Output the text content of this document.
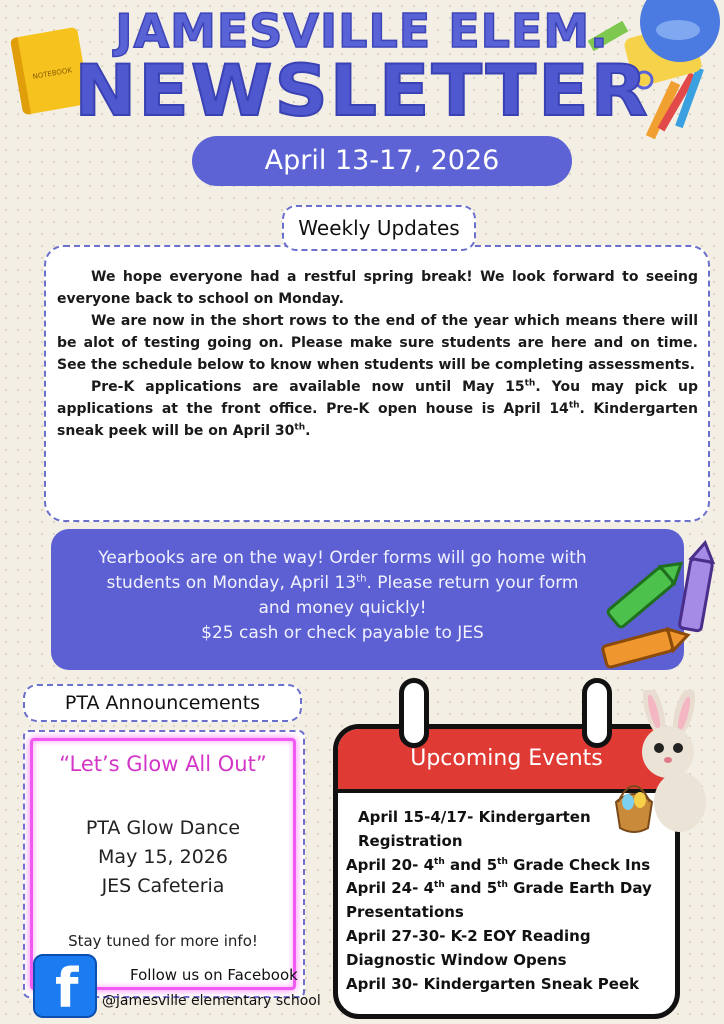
NOTEBOOK
JAMESVILLE ELEM.
NEWSLETTER
April 13-17, 2026

We hope everyone had a restful spring break! We look forward to seeing everyone back to school on Monday.

We are now in the short rows to the end of the year which means there will be alot of testing going on. Please make sure students are here and on time. See the schedule below to know when students will be completing assessments.

Pre-K applications are available now until May 15th. You may pick up applications at the front office. Pre-K open house is April 14th. Kindergarten sneak peek will be on April 30th.

Weekly Updates
Yearbooks are on the way! Order forms will go home with
students on Monday, April 13th. Please return your form
and money quickly!
$25 cash or check payable to JES
PTA Announcements
“Let’s Glow All Out”
PTA Glow Dance
May 15, 2026
JES Cafeteria
Stay tuned for more info!
f	Follow us on Facebook
@jamesville elementary school
Upcoming Events
April 15-4/17- Kindergarten Registration
April 20- 4th and 5th Grade Check Ins
April 24- 4th and 5th Grade Earth Day Presentations
April 27-30- K-2 EOY Reading Diagnostic Window Opens
April 30- Kindergarten Sneak Peek
